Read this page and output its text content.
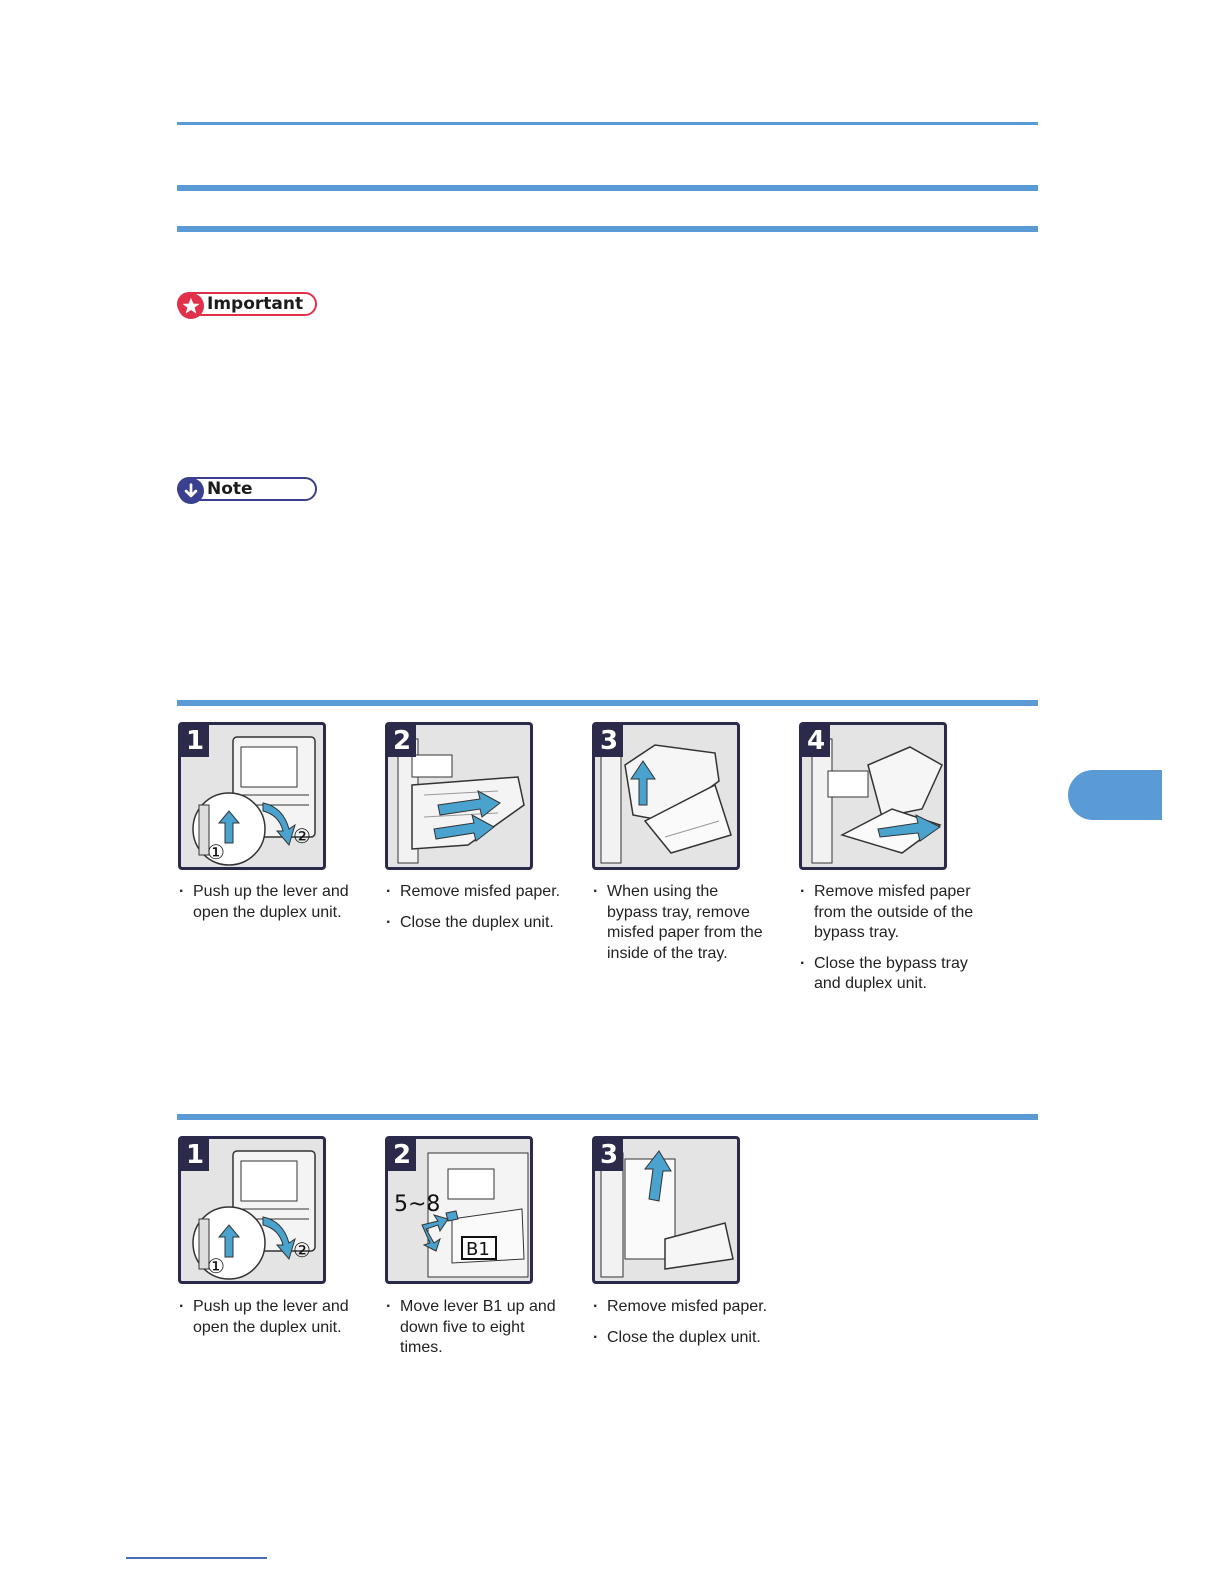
Important
Note
1
①
②

· Push up the lever and open the duplex unit.

2

· Remove misfed paper.

· Close the duplex unit.

3

· When using the bypass tray, remove misfed paper from the inside of the tray.

4

· Remove misfed paper from the outside of the bypass tray.

· Close the bypass tray and duplex unit.

1
①
②

· Push up the lever and open the duplex unit.

2
5~8
B1

· Move lever B1 up and down five to eight times.

3

· Remove misfed paper.

· Close the duplex unit.
